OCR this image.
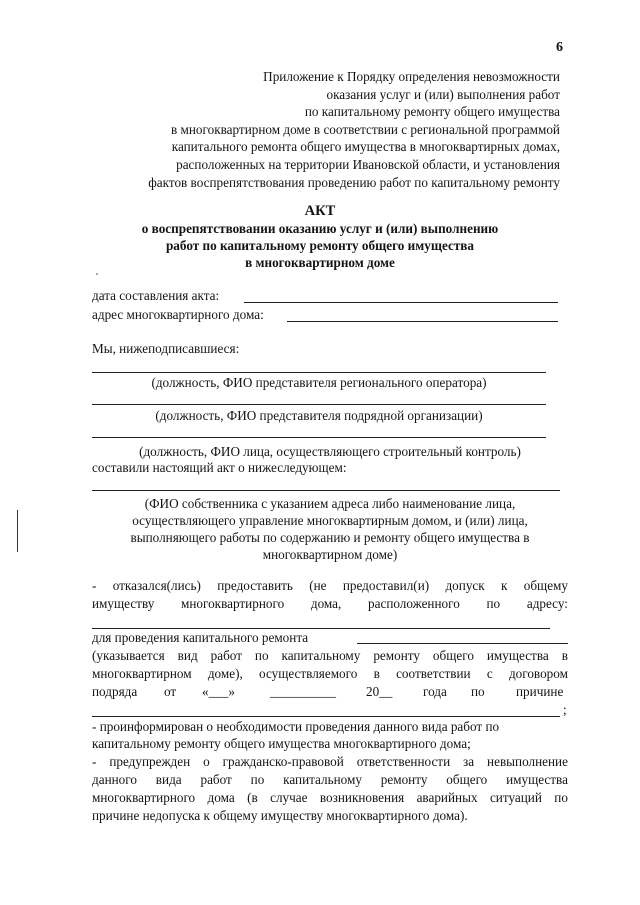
6
Приложение к Порядку определения невозможности
оказания услуг и (или) выполнения работ
по капитальному ремонту общего имущества
в многоквартирном доме в соответствии с региональной программой
капитального ремонта общего имущества в многоквартирных домах,
расположенных на территории Ивановской области, и установления
фактов воспрепятствования проведению работ по капитальному ремонту
АКТ
о воспрепятствовании оказанию услуг и (или) выполнению
работ по капитальному ремонту общего имущества
в многоквартирном доме
дата составления акта:
адрес многоквартирного дома:
Мы, нижеподписавшиеся:
(должность, ФИО представителя регионального оператора)
(должность, ФИО представителя подрядной организации)
(должность, ФИО лица, осуществляющего строительный контроль)
составили настоящий акт о нижеследующем:
(ФИО собственника с указанием адреса либо наименование лица,
осуществляющего управление многоквартирным домом, и (или) лица,
выполняющего работы по содержанию и ремонту общего имущества в
многоквартирном доме)
- отказался(лись) предоставить (не предоставил(и) допуск к общему
имуществу многоквартирного дома, расположенного по адресу:
для проведения капитального ремонта
(указывается вид работ по капитальному ремонту общего имущества в
многоквартирном доме), осуществляемого в соответствии с договором
подряда от «___»	__________ 20__ года по причине
;
- проинформирован о необходимости проведения данного вида работ по
капитальному ремонту общего имущества многоквартирного дома;
- предупрежден о гражданско-правовой ответственности за невыполнение
данного вида работ по капитальному ремонту общего имущества
многоквартирного дома (в случае возникновения аварийных ситуаций по
причине недопуска к общему имуществу многоквартирного дома).
